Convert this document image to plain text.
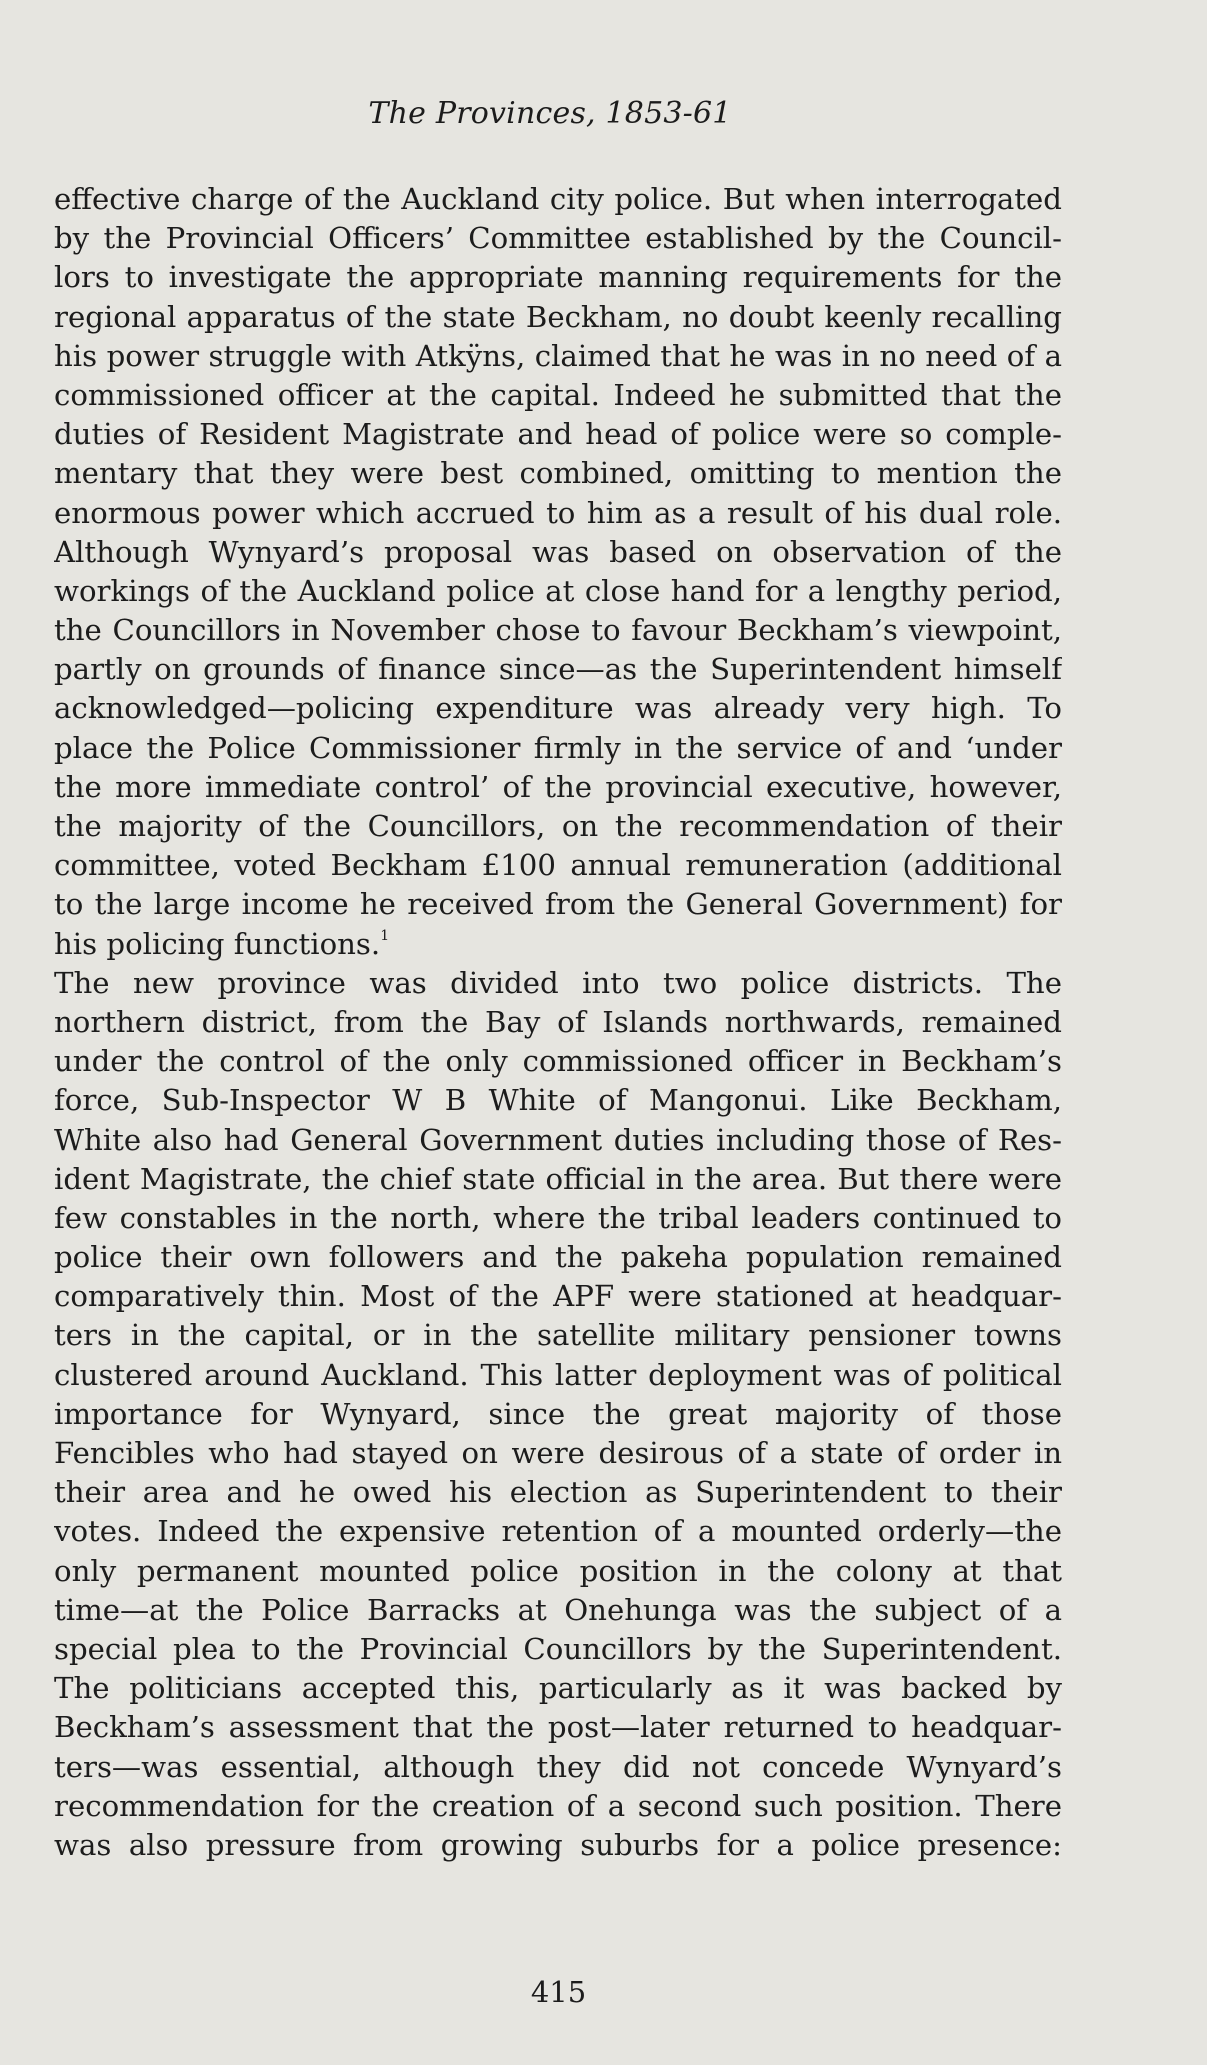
The Provinces, 1853-61
effective charge of the Auckland city police. But when interrogated
by the Provincial Officers’ Committee established by the Council-
lors to investigate the appropriate manning requirements for the
regional apparatus of the state Beckham, no doubt keenly recalling
his power struggle with Atkÿns, claimed that he was in no need of a
commissioned officer at the capital. Indeed he submitted that the
duties of Resident Magistrate and head of police were so comple-
mentary that they were best combined, omitting to mention the
enormous power which accrued to him as a result of his dual role.
Although Wynyard’s proposal was based on observation of the
workings of the Auckland police at close hand for a lengthy period,
the Councillors in November chose to favour Beckham’s viewpoint,
partly on grounds of finance since—as the Superintendent himself
acknowledged—policing expenditure was already very high. To
place the Police Commissioner firmly in the service of and ‘under
the more immediate control’ of the provincial executive, however,
the majority of the Councillors, on the recommendation of their
committee, voted Beckham £100 annual remuneration (additional
to the large income he received from the General Government) for
his policing functions.$^1$
The new province was divided into two police districts. The
northern district, from the Bay of Islands northwards, remained
under the control of the only commissioned officer in Beckham’s
force, Sub-Inspector W B White of Mangonui. Like Beckham,
White also had General Government duties including those of Res-
ident Magistrate, the chief state official in the area. But there were
few constables in the north, where the tribal leaders continued to
police their own followers and the pakeha population remained
comparatively thin. Most of the APF were stationed at headquar-
ters in the capital, or in the satellite military pensioner towns
clustered around Auckland. This latter deployment was of political
importance for Wynyard, since the great majority of those
Fencibles who had stayed on were desirous of a state of order in
their area and he owed his election as Superintendent to their
votes. Indeed the expensive retention of a mounted orderly—the
only permanent mounted police position in the colony at that
time—at the Police Barracks at Onehunga was the subject of a
special plea to the Provincial Councillors by the Superintendent.
The politicians accepted this, particularly as it was backed by
Beckham’s assessment that the post—later returned to headquar-
ters—was essential, although they did not concede Wynyard’s
recommendation for the creation of a second such position. There
was also pressure from growing suburbs for a police presence:
415
